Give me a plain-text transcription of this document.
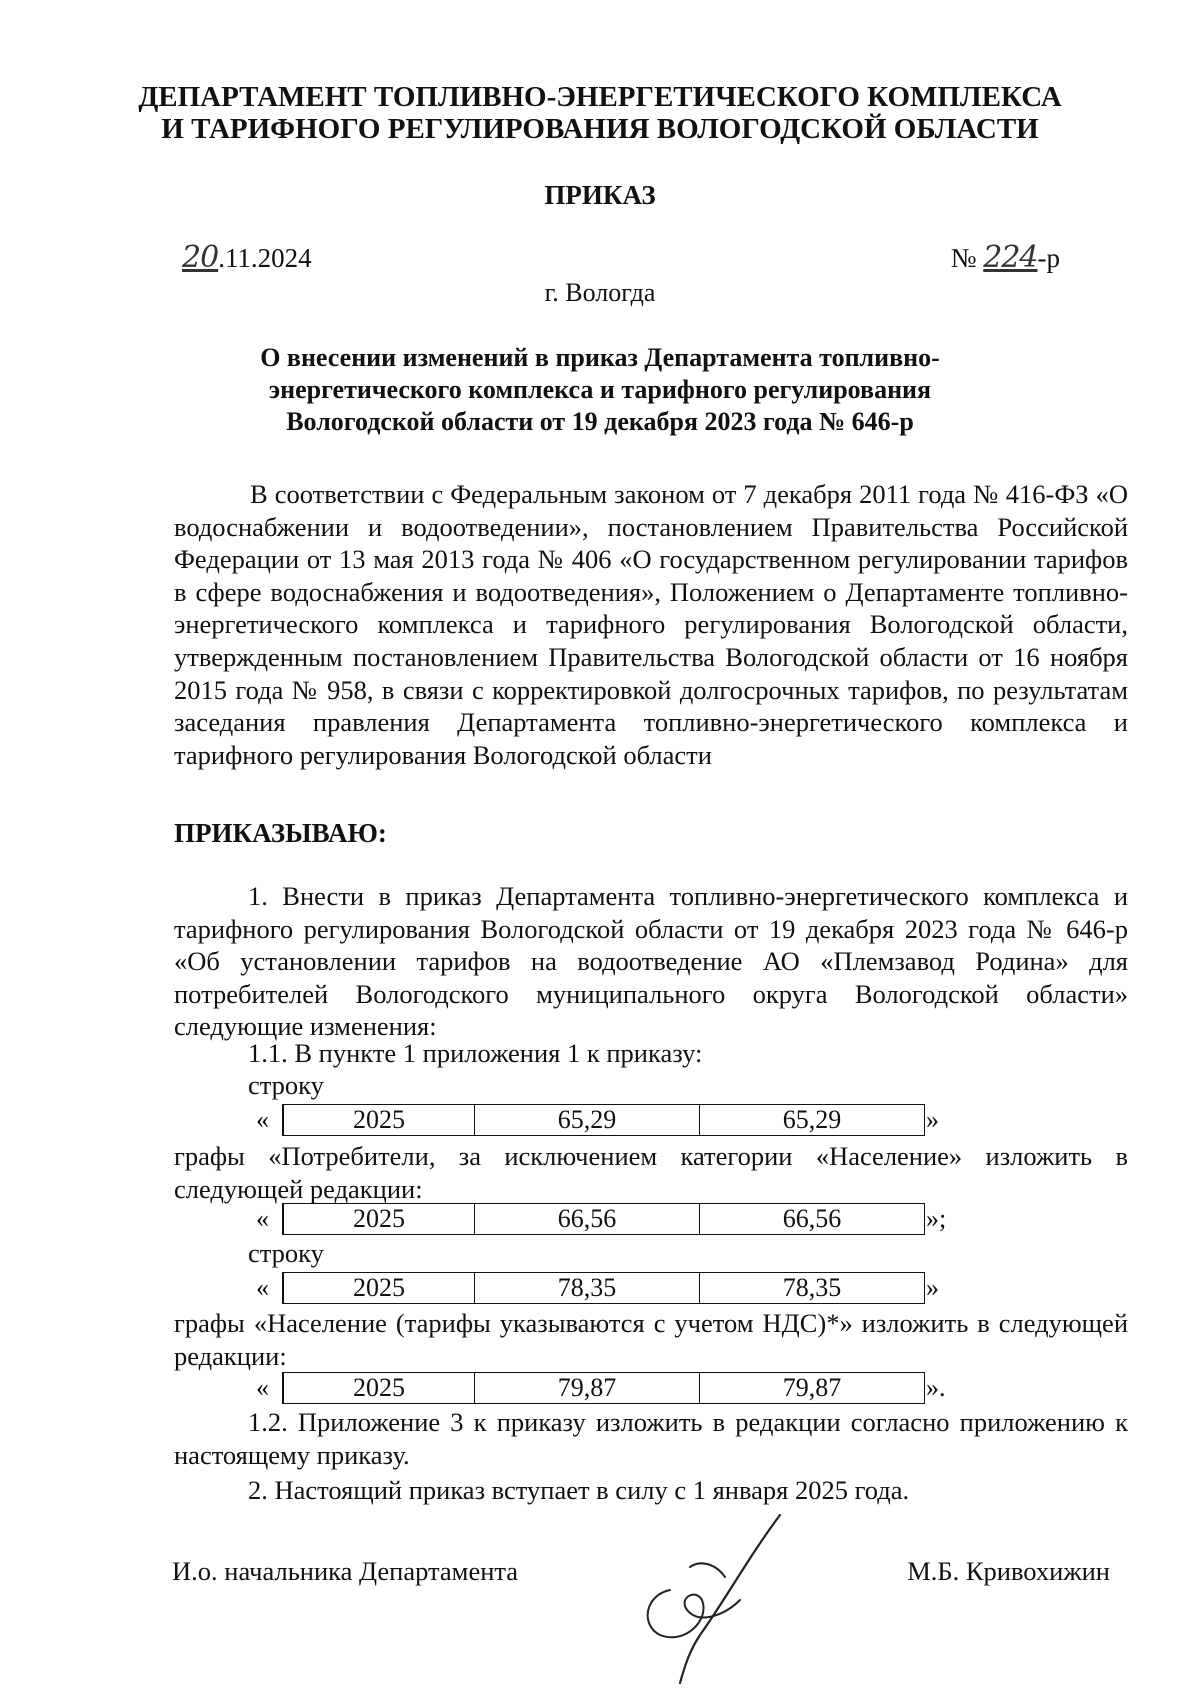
ДЕПАРТАМЕНТ ТОПЛИВНО-ЭНЕРГЕТИЧЕСКОГО КОМПЛЕКСА
И ТАРИФНОГО РЕГУЛИРОВАНИЯ ВОЛОГОДСКОЙ ОБЛАСТИ
ПРИКАЗ
20.11.2024	№ 224-р
г. Вологда
О внесении изменений в приказ Департамента топливно-энергетического комплекса и тарифного регулирования Вологодской области от 19 декабря 2023 года № 646-р
В соответствии с Федеральным законом от 7 декабря 2011 года № 416-ФЗ «О водоснабжении и водоотведении», постановлением Правительства Российской Федерации от 13 мая 2013 года № 406 «О государственном регулировании тарифов в сфере водоснабжения и водоотведения», Положением о Департаменте топливно-энергетического комплекса и тарифного регулирования Вологодской области, утвержденным постановлением Правительства Вологодской области от 16 ноября 2015 года № 958, в связи с корректировкой долгосрочных тарифов, по результатам заседания правления Департамента топливно-энергетического комплекса и тарифного регулирования Вологодской области
ПРИКАЗЫВАЮ:
1. Внести в приказ Департамента топливно-энергетического комплекса и тарифного регулирования Вологодской области от 19 декабря 2023 года № 646-р «Об установлении тарифов на водоотведение АО «Племзавод Родина» для потребителей Вологодского муниципального округа Вологодской области» следующие изменения:
1.1. В пункте 1 приложения 1 к приказу:
строку
«	2025	65,29	65,29	»
графы «Потребители, за исключением категории «Население» изложить в следующей редакции:
«	2025	66,56	66,56	»;
строку
«	2025	78,35	78,35	»
графы «Население (тарифы указываются с учетом НДС)*» изложить в следующей редакции:
«	2025	79,87	79,87	».
1.2. Приложение 3 к приказу изложить в редакции согласно приложению к настоящему приказу.
2. Настоящий приказ вступает в силу с 1 января 2025 года.
И.о. начальника Департамента	М.Б. Кривохижин
